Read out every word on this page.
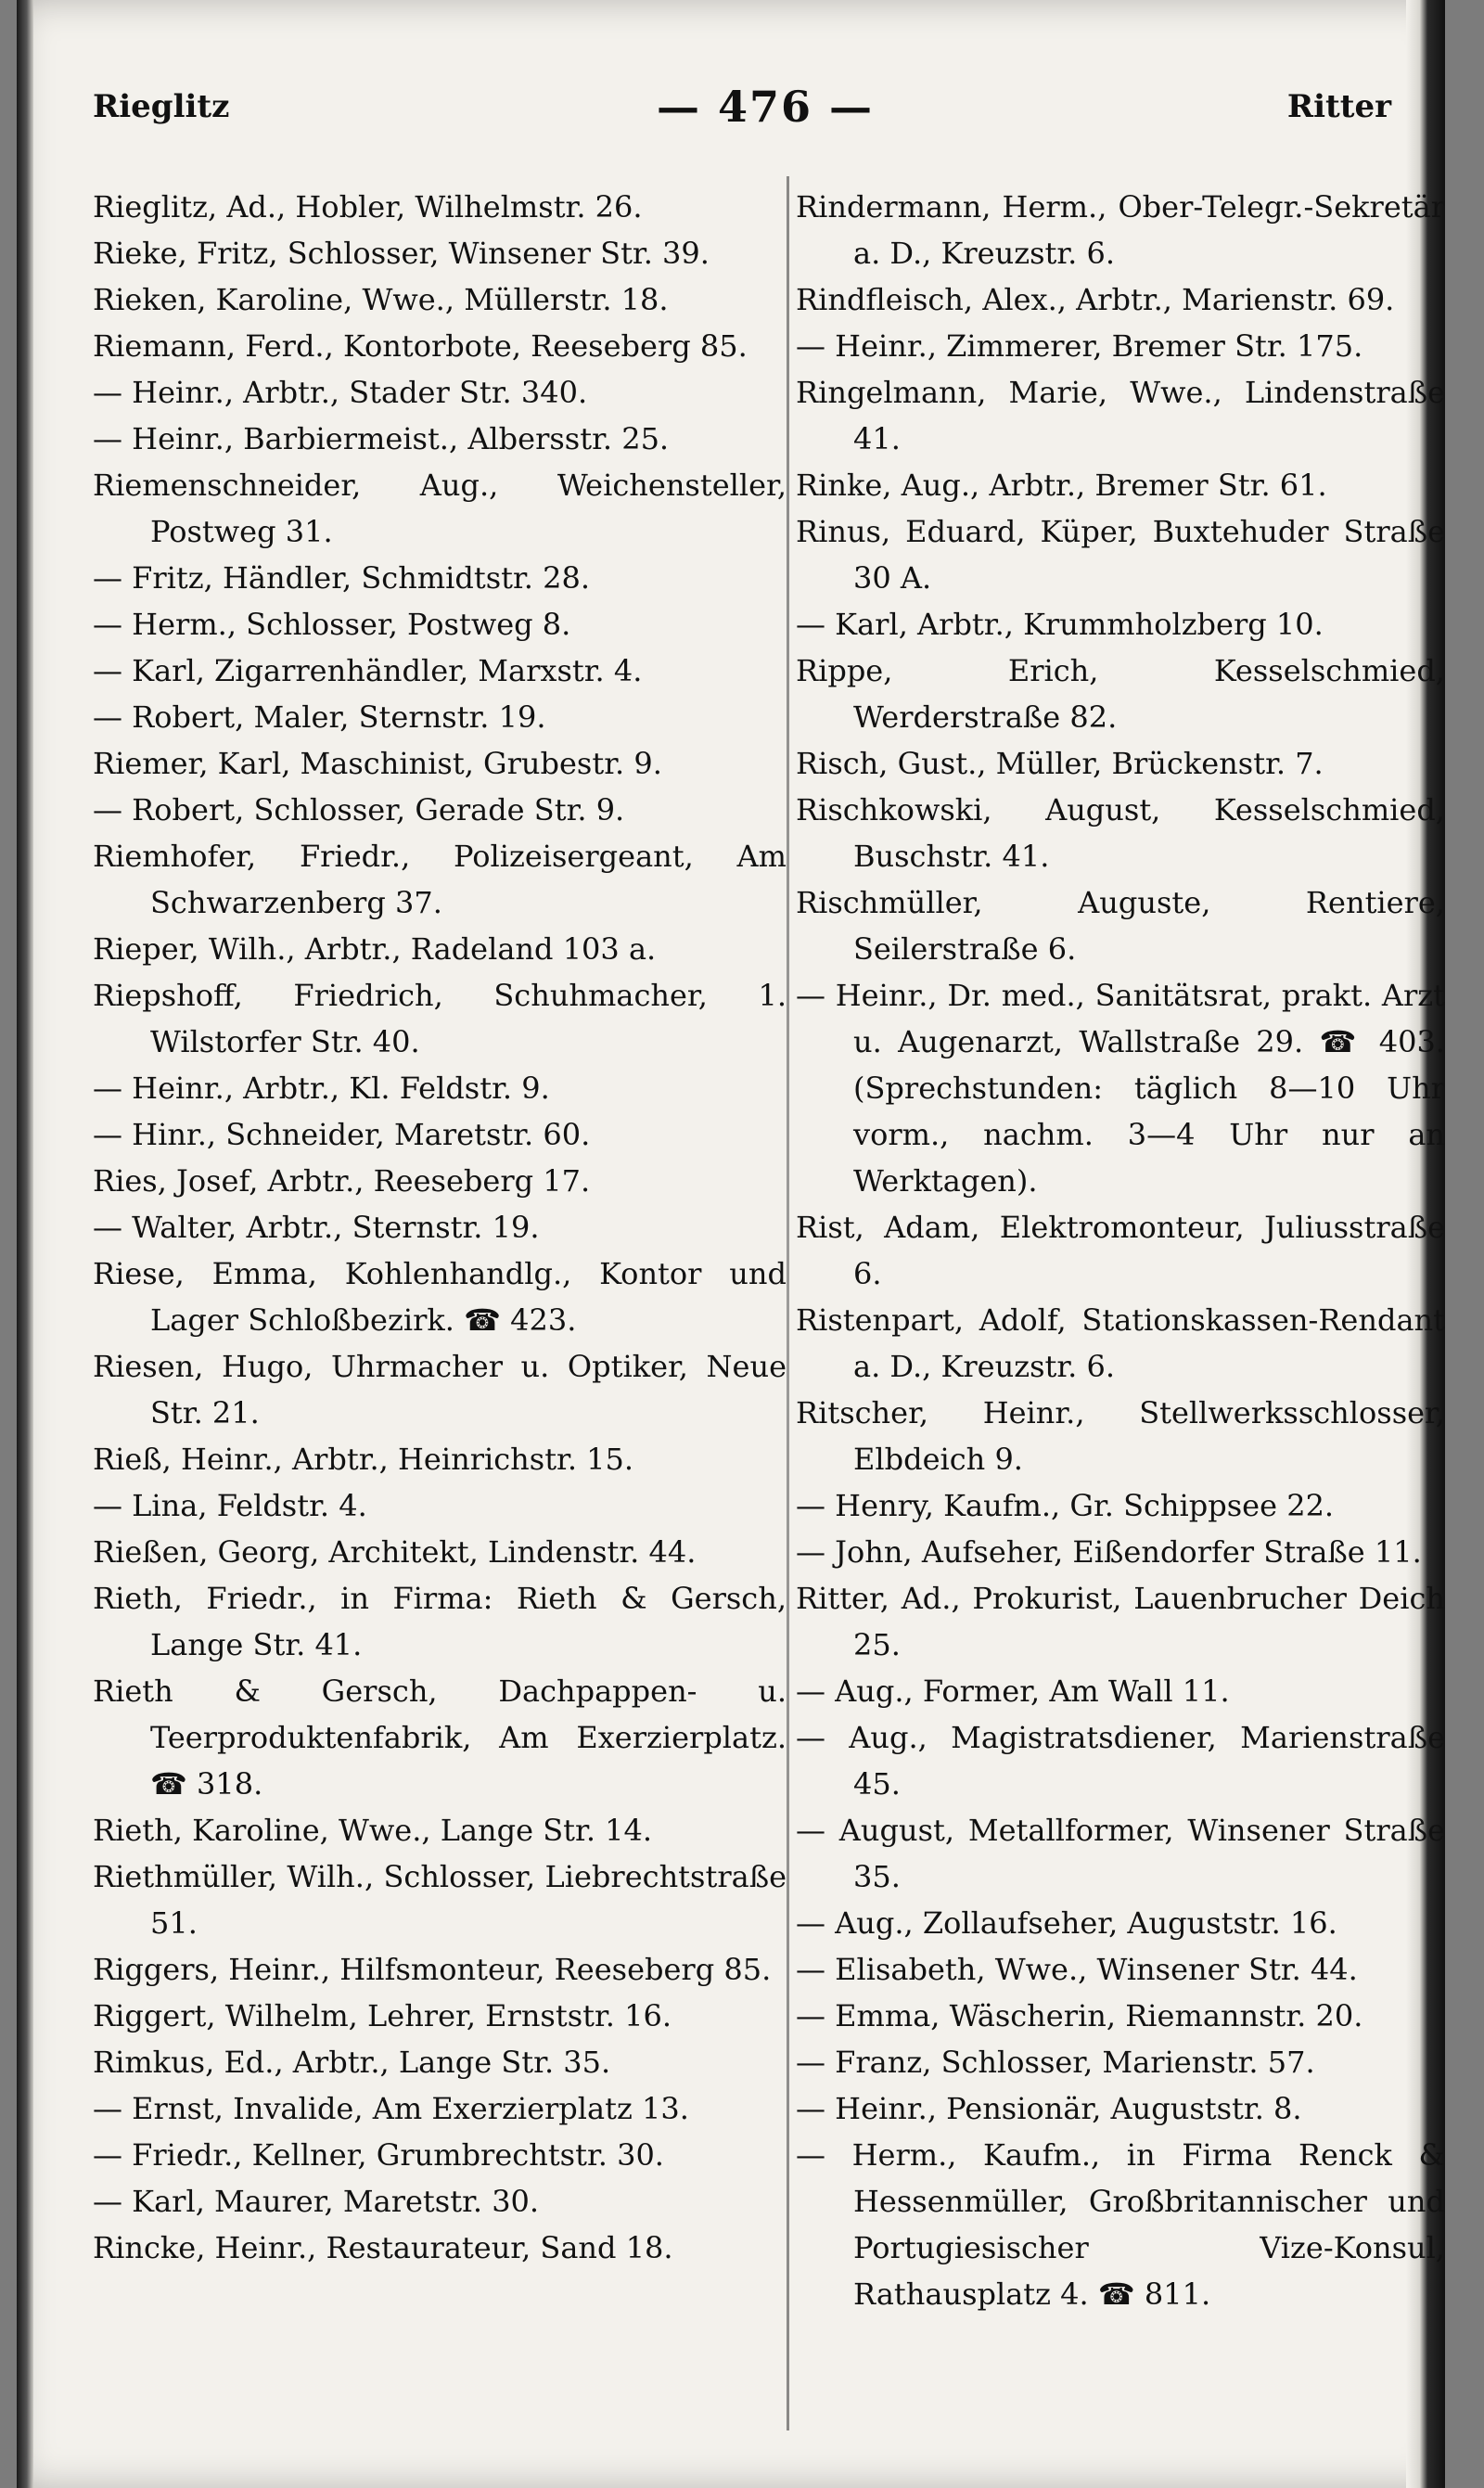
Rieglitz	— 476 —	Ritter
Rieglitz, Ad., Hobler, Wilhelmstr. 26.
Rieke, Fritz, Schlosser, Winsener Str. 39.
Rieken, Karoline, Wwe., Müllerstr. 18.
Riemann, Ferd., Kontorbote, Reeseberg 85.
— Heinr., Arbtr., Stader Str. 340.
— Heinr., Barbiermeist., Albersstr. 25.
Riemenschneider, Aug., Weichensteller, Postweg 31.
— Fritz, Händler, Schmidtstr. 28.
— Herm., Schlosser, Postweg 8.
— Karl, Zigarrenhändler, Marxstr. 4.
— Robert, Maler, Sternstr. 19.
Riemer, Karl, Maschinist, Grubestr. 9.
— Robert, Schlosser, Gerade Str. 9.
Riemhofer, Friedr., Polizeisergeant, Am Schwarzenberg 37.
Rieper, Wilh., Arbtr., Radeland 103 a.
Riepshoff, Friedrich, Schuhmacher, 1. Wilstorfer Str. 40.
— Heinr., Arbtr., Kl. Feldstr. 9.
— Hinr., Schneider, Maretstr. 60.
Ries, Josef, Arbtr., Reeseberg 17.
— Walter, Arbtr., Sternstr. 19.
Riese, Emma, Kohlenhandlg., Kontor und Lager Schloßbezirk. ☎ 423.
Riesen, Hugo, Uhrmacher u. Optiker, Neue Str. 21.
Rieß, Heinr., Arbtr., Heinrichstr. 15.
— Lina, Feldstr. 4.
Rießen, Georg, Architekt, Lindenstr. 44.
Rieth, Friedr., in Firma: Rieth & Gersch, Lange Str. 41.
Rieth & Gersch, Dachpappen- u. Teerproduktenfabrik, Am Exerzierplatz. ☎ 318.
Rieth, Karoline, Wwe., Lange Str. 14.
Riethmüller, Wilh., Schlosser, Liebrechtstraße 51.
Riggers, Heinr., Hilfsmonteur, Reeseberg 85.
Riggert, Wilhelm, Lehrer, Ernststr. 16.
Rimkus, Ed., Arbtr., Lange Str. 35.
— Ernst, Invalide, Am Exerzierplatz 13.
— Friedr., Kellner, Grumbrechtstr. 30.
— Karl, Maurer, Maretstr. 30.
Rincke, Heinr., Restaurateur, Sand 18.
Rindermann, Herm., Ober-Telegr.-Sekretär a. D., Kreuzstr. 6.
Rindfleisch, Alex., Arbtr., Marienstr. 69.
— Heinr., Zimmerer, Bremer Str. 175.
Ringelmann, Marie, Wwe., Lindenstraße 41.
Rinke, Aug., Arbtr., Bremer Str. 61.
Rinus, Eduard, Küper, Buxtehuder Straße 30 A.
— Karl, Arbtr., Krummholzberg 10.
Rippe, Erich, Kesselschmied, Werderstraße 82.
Risch, Gust., Müller, Brückenstr. 7.
Rischkowski, August, Kesselschmied, Buschstr. 41.
Rischmüller, Auguste, Rentiere, Seilerstraße 6.
— Heinr., Dr. med., Sanitätsrat, prakt. Arzt u. Augenarzt, Wallstraße 29. ☎ 403. (Sprechstunden: täglich 8—10 Uhr vorm., nachm. 3—4 Uhr nur an Werktagen).
Rist, Adam, Elektromonteur, Juliusstraße 6.
Ristenpart, Adolf, Stationskassen-Rendant a. D., Kreuzstr. 6.
Ritscher, Heinr., Stellwerksschlosser, Elbdeich 9.
— Henry, Kaufm., Gr. Schippsee 22.
— John, Aufseher, Eißendorfer Straße 11.
Ritter, Ad., Prokurist, Lauenbrucher Deich 25.
— Aug., Former, Am Wall 11.
— Aug., Magistratsdiener, Marienstraße 45.
— August, Metallformer, Winsener Straße 35.
— Aug., Zollaufseher, Auguststr. 16.
— Elisabeth, Wwe., Winsener Str. 44.
— Emma, Wäscherin, Riemannstr. 20.
— Franz, Schlosser, Marienstr. 57.
— Heinr., Pensionär, Auguststr. 8.
— Herm., Kaufm., in Firma Renck & Hessenmüller, Großbritannischer und Portugiesischer Vize-Konsul, Rathausplatz 4. ☎ 811.
